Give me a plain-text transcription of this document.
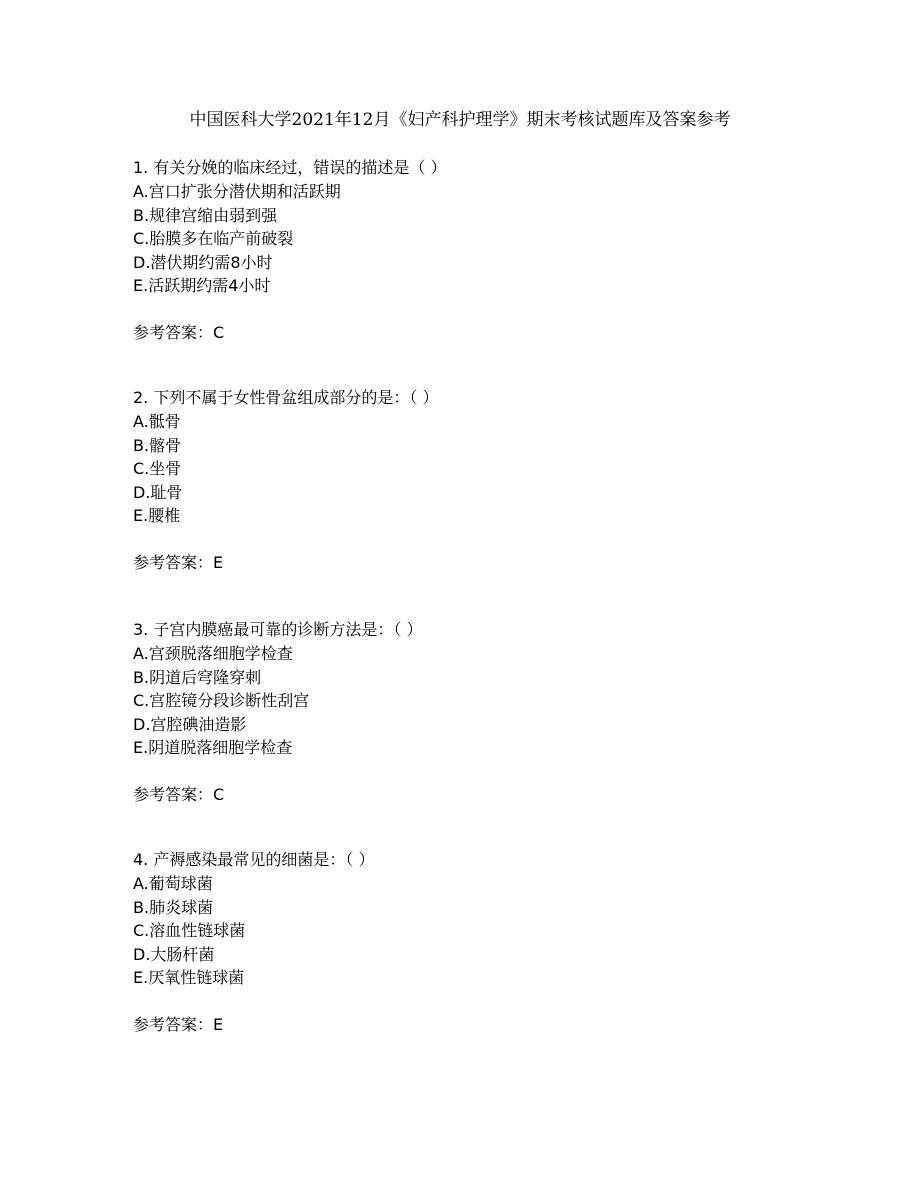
中国医科大学2021年12月《妇产科护理学》期末考核试题库及答案参考
1. 有关分娩的临床经过，错误的描述是（ ）
A.宫口扩张分潜伏期和活跃期
B.规律宫缩由弱到强
C.胎膜多在临产前破裂
D.潜伏期约需8小时
E.活跃期约需4小时
参考答案：C
2. 下列不属于女性骨盆组成部分的是：（ ）
A.骶骨
B.髂骨
C.坐骨
D.耻骨
E.腰椎
参考答案：E
3. 子宫内膜癌最可靠的诊断方法是：（ ）
A.宫颈脱落细胞学检查
B.阴道后穹隆穿刺
C.宫腔镜分段诊断性刮宫
D.宫腔碘油造影
E.阴道脱落细胞学检查
参考答案：C
4. 产褥感染最常见的细菌是：（ ）
A.葡萄球菌
B.肺炎球菌
C.溶血性链球菌
D.大肠杆菌
E.厌氧性链球菌
参考答案：E
